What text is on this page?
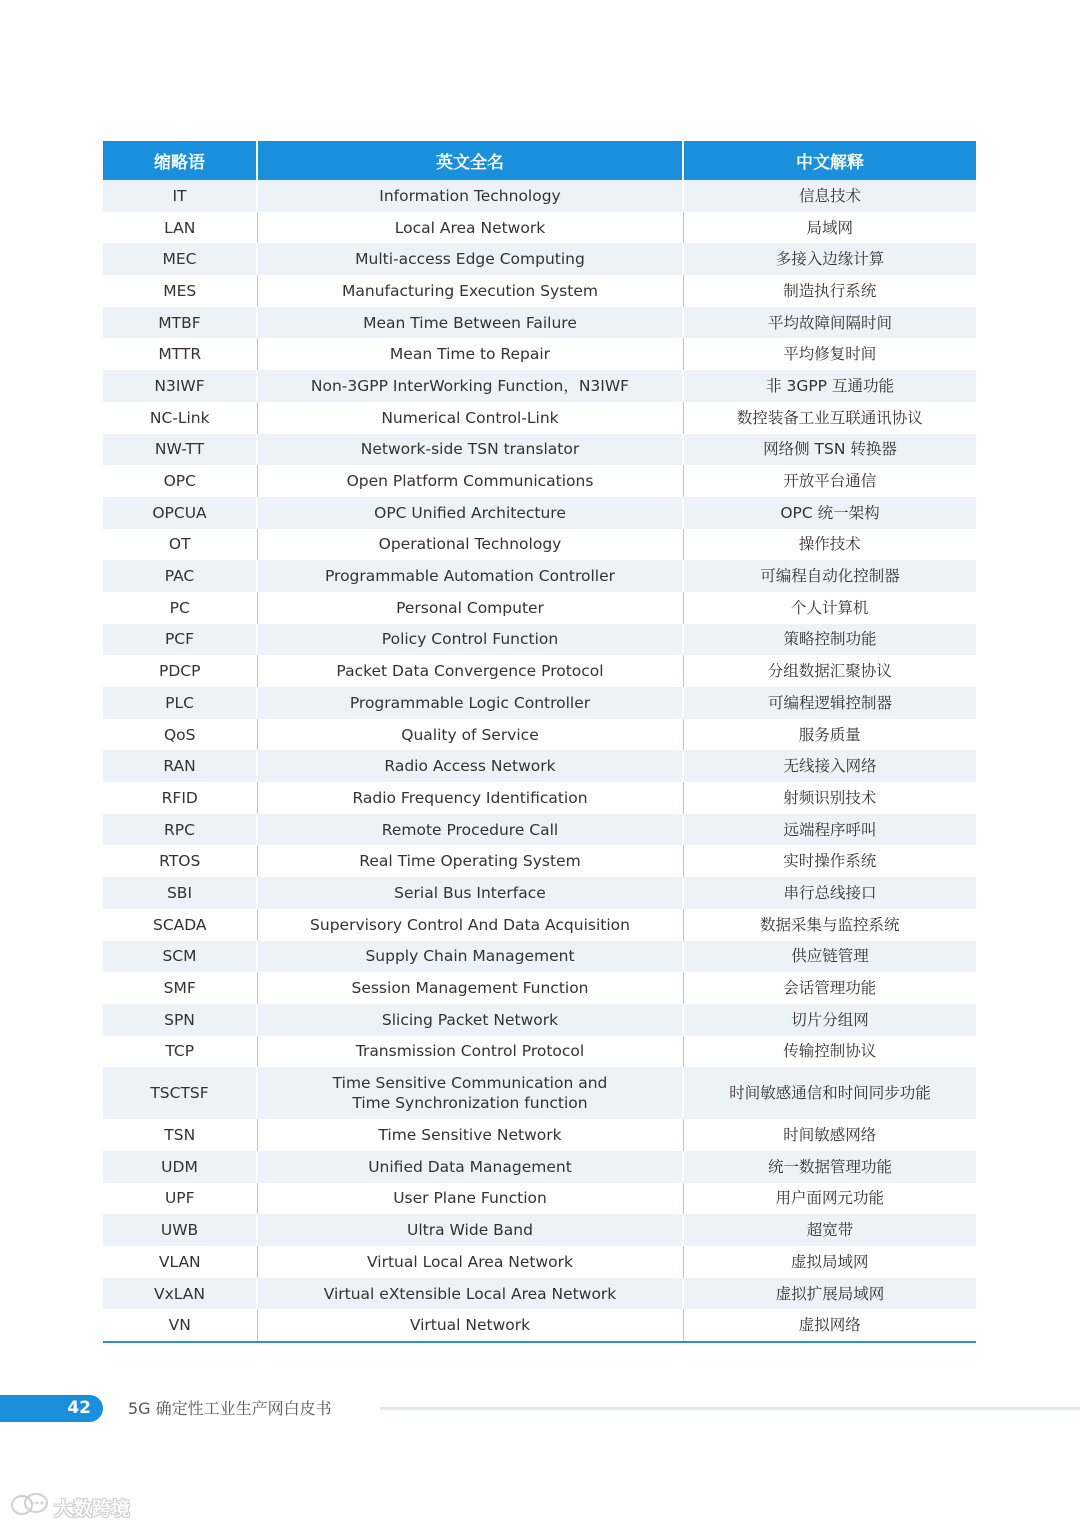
缩略语	英文全名	中文解释
IT	Information Technology	信息技术
LAN	Local Area Network	局域网
MEC	Multi-access Edge Computing	多接入边缘计算
MES	Manufacturing Execution System	制造执行系统
MTBF	Mean Time Between Failure	平均故障间隔时间
MTTR	Mean Time to Repair	平均修复时间
N3IWF	Non-3GPP InterWorking Function，N3IWF	非 3GPP 互通功能
NC-Link	Numerical Control-Link	数控装备工业互联通讯协议
NW-TT	Network-side TSN translator	网络侧 TSN 转换器
OPC	Open Platform Communications	开放平台通信
OPCUA	OPC Unified Architecture	OPC 统一架构
OT	Operational Technology	操作技术
PAC	Programmable Automation Controller	可编程自动化控制器
PC	Personal Computer	个人计算机
PCF	Policy Control Function	策略控制功能
PDCP	Packet Data Convergence Protocol	分组数据汇聚协议
PLC	Programmable Logic Controller	可编程逻辑控制器
QoS	Quality of Service	服务质量
RAN	Radio Access Network	无线接入网络
RFID	Radio Frequency Identification	射频识别技术
RPC	Remote Procedure Call	远端程序呼叫
RTOS	Real Time Operating System	实时操作系统
SBI	Serial Bus Interface	串行总线接口
SCADA	Supervisory Control And Data Acquisition	数据采集与监控系统
SCM	Supply Chain Management	供应链管理
SMF	Session Management Function	会话管理功能
SPN	Slicing Packet Network	切片分组网
TCP	Transmission Control Protocol	传输控制协议
TSCTSF	Time Sensitive Communication and Time Synchronization function	时间敏感通信和时间同步功能
TSN	Time Sensitive Network	时间敏感网络
UDM	Unified Data Management	统一数据管理功能
UPF	User Plane Function	用户面网元功能
UWB	Ultra Wide Band	超宽带
VLAN	Virtual Local Area Network	虚拟局域网
VxLAN	Virtual eXtensible Local Area Network	虚拟扩展局域网
VN	Virtual Network	虚拟网络
42	5G 确定性工业生产网白皮书
大数跨境
